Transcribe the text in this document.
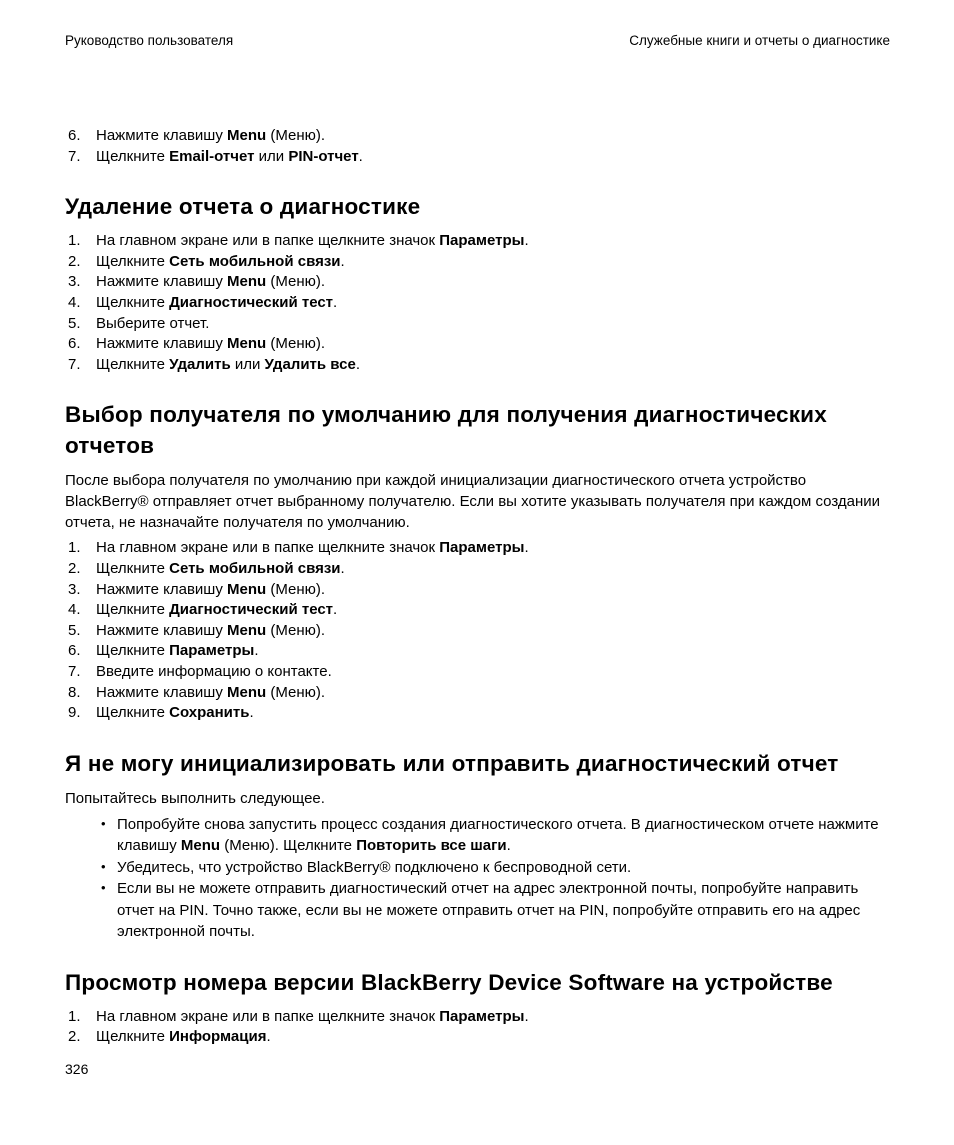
Руководство пользователя	Служебные книги и отчеты о диагностике
Нажмите клавишу Menu (Меню).
Щелкните Email-отчет или PIN-отчет.
Удаление отчета о диагностике
На главном экране или в папке щелкните значок Параметры.
Щелкните Сеть мобильной связи.
Нажмите клавишу Menu (Меню).
Щелкните Диагностический тест.
Выберите отчет.
Нажмите клавишу Menu (Меню).
Щелкните Удалить или Удалить все.
Выбор получателя по умолчанию для получения диагностических отчетов

После выбора получателя по умолчанию при каждой инициализации диагностического отчета устройство BlackBerry® отправляет отчет выбранному получателю. Если вы хотите указывать получателя при каждом создании отчета, не назначайте получателя по умолчанию.

На главном экране или в папке щелкните значок Параметры.
Щелкните Сеть мобильной связи.
Нажмите клавишу Menu (Меню).
Щелкните Диагностический тест.
Нажмите клавишу Menu (Меню).
Щелкните Параметры.
Введите информацию о контакте.
Нажмите клавишу Menu (Меню).
Щелкните Сохранить.
Я не могу инициализировать или отправить диагностический отчет

Попытайтесь выполнить следующее.

• Попробуйте снова запустить процесс создания диагностического отчета. В диагностическом отчете нажмите клавишу Menu (Меню). Щелкните Повторить все шаги.
• Убедитесь, что устройство BlackBerry® подключено к беспроводной сети.
• Если вы не можете отправить диагностический отчет на адрес электронной почты, попробуйте направить отчет на PIN. Точно также, если вы не можете отправить отчет на PIN, попробуйте отправить его на адрес электронной почты.
Просмотр номера версии BlackBerry Device Software на устройстве
На главном экране или в папке щелкните значок Параметры.
Щелкните Информация.
326
